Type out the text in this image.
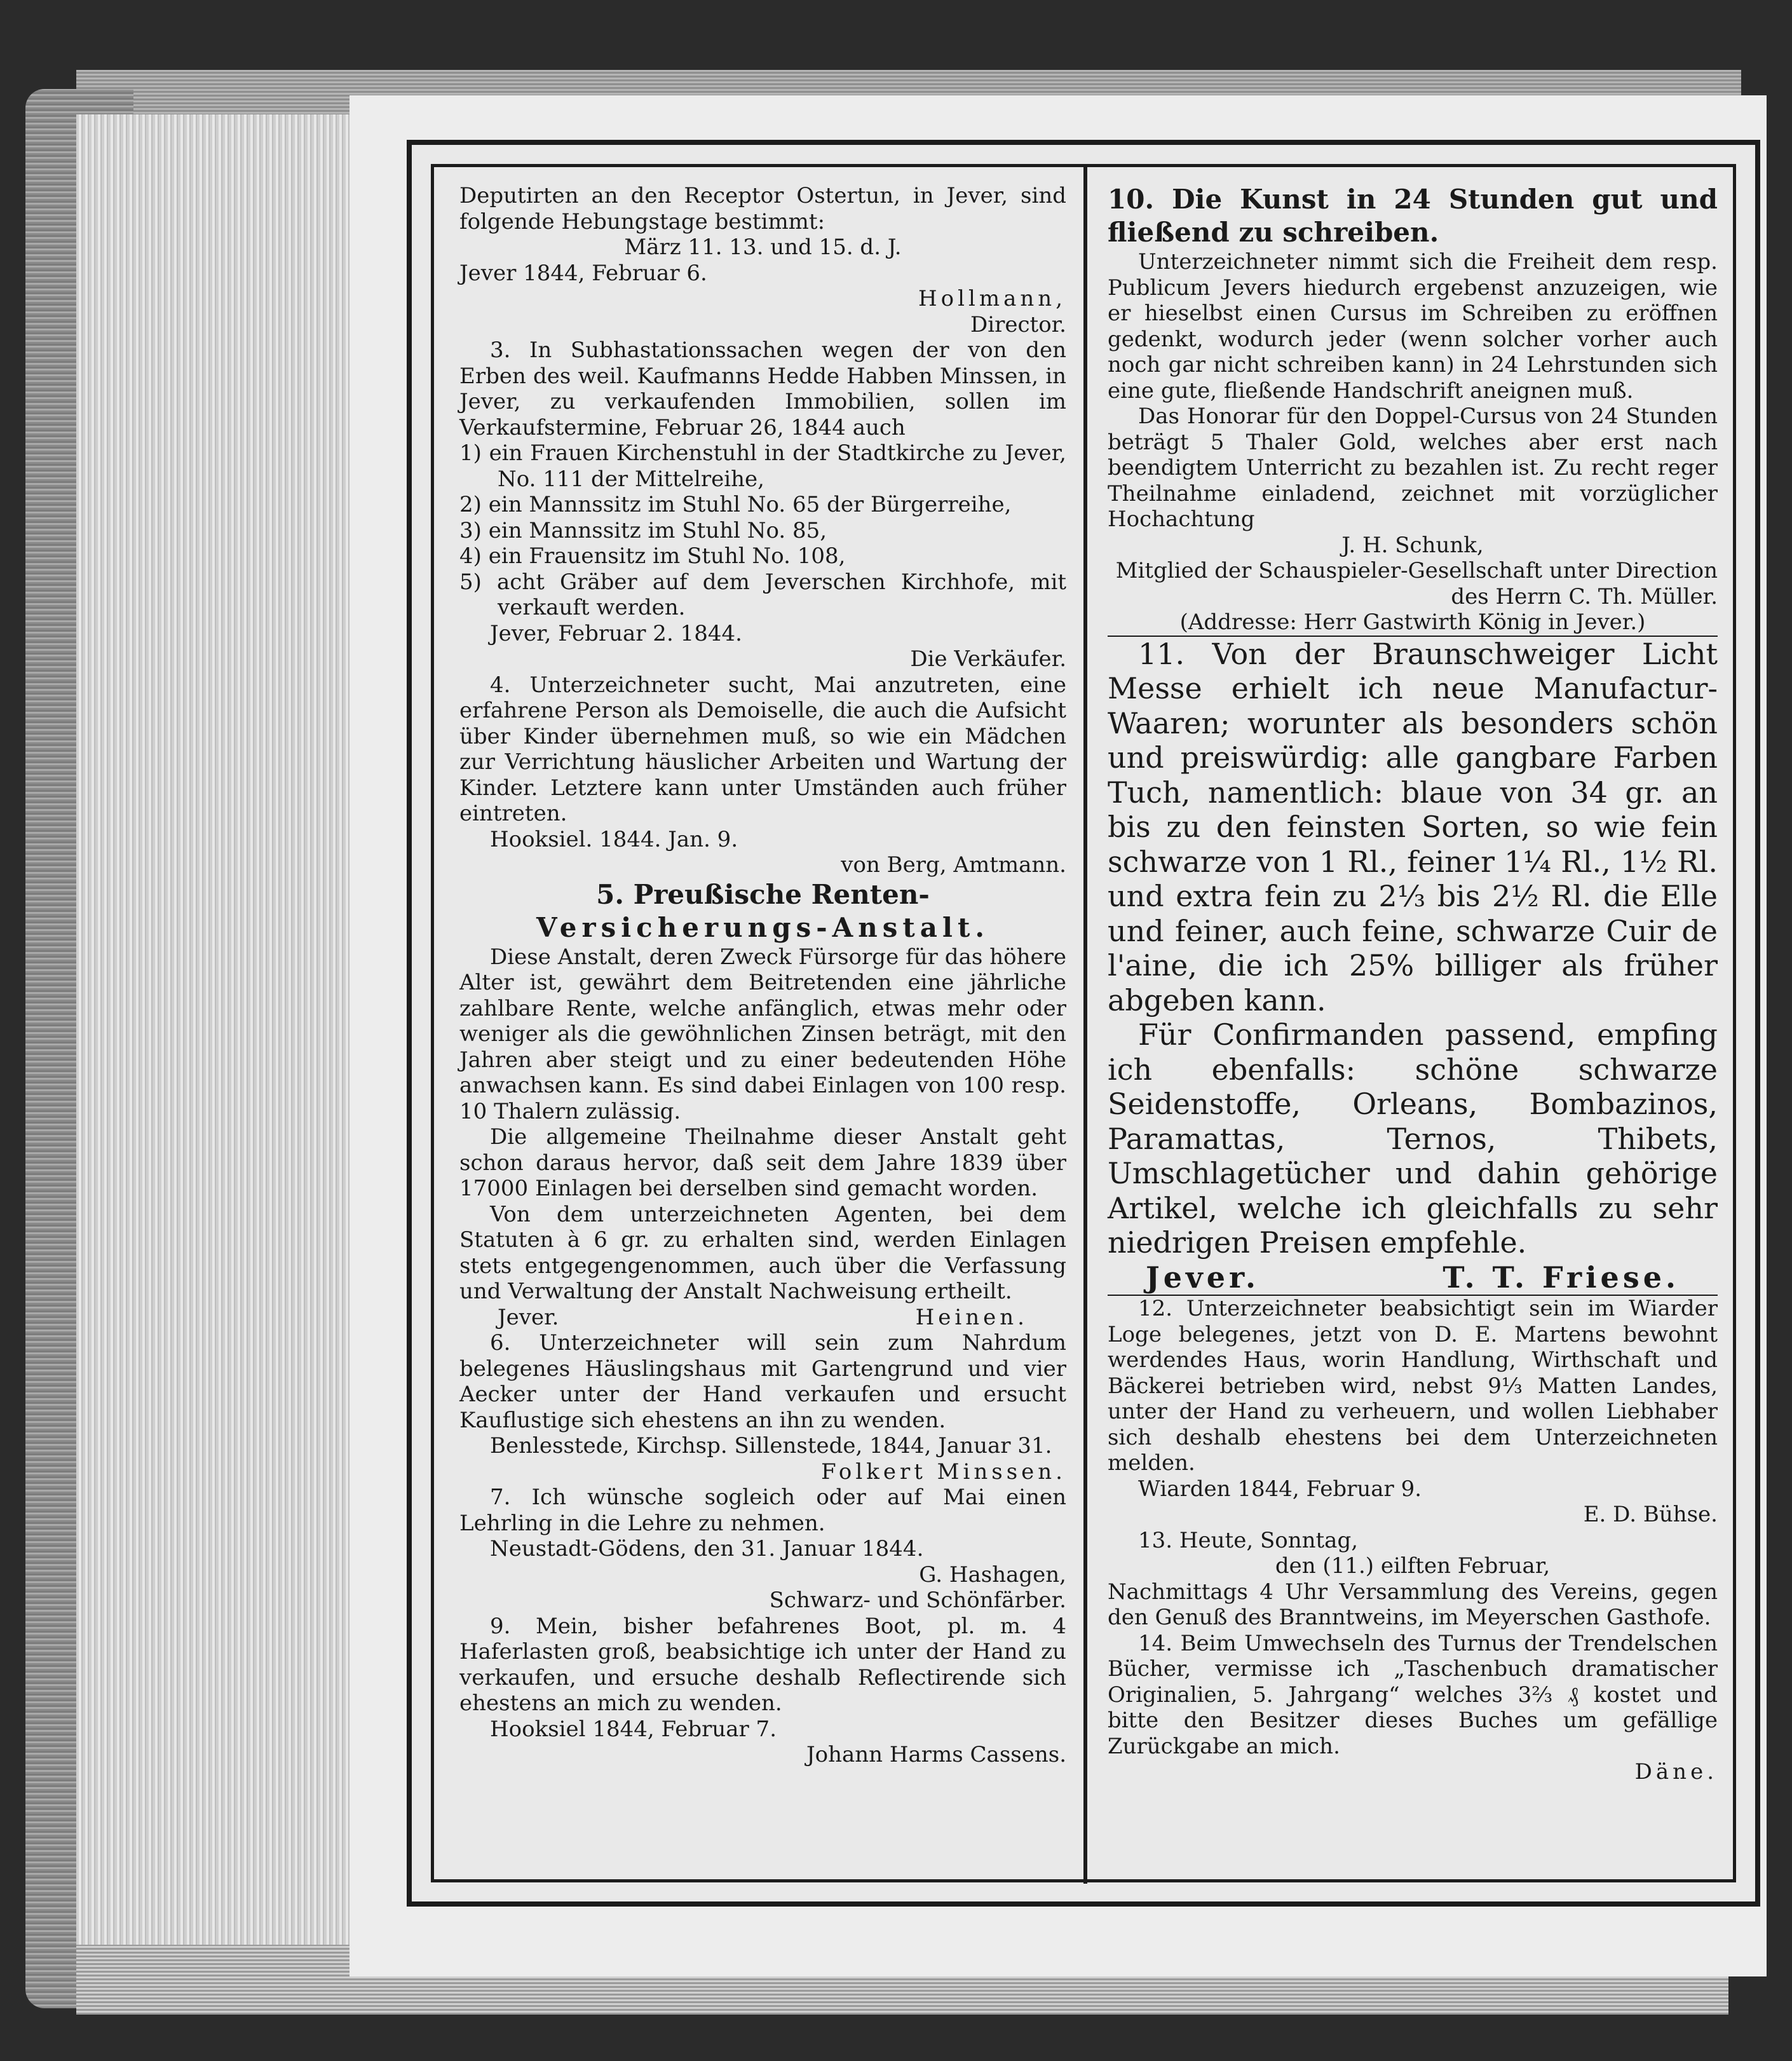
Deputirten an den Receptor Ostertun, in Jever, sind folgende Hebungstage bestimmt:

März 11. 13. und 15. d. J.

Jever 1844, Februar 6.

Hollmann,

Director.

3. In Subhastationssachen wegen der von den Erben des weil. Kaufmanns Hedde Habben Minssen, in Jever, zu verkaufenden Immobilien, sollen im Verkaufstermine, Februar 26, 1844 auch

1) ein Frauen Kirchenstuhl in der Stadtkirche zu Jever, No. 111 der Mittelreihe,

2) ein Mannssitz im Stuhl No. 65 der Bürgerreihe,

3) ein Mannssitz im Stuhl No. 85,

4) ein Frauensitz im Stuhl No. 108,

5) acht Gräber auf dem Jeverschen Kirchhofe, mit verkauft werden.

Jever, Februar 2. 1844.

Die Verkäufer.

4. Unterzeichneter sucht, Mai anzutreten, eine erfahrene Person als Demoiselle, die auch die Aufsicht über Kinder übernehmen muß, so wie ein Mädchen zur Verrichtung häuslicher Arbeiten und Wartung der Kinder. Letztere kann unter Umständen auch früher eintreten.

Hooksiel. 1844. Jan. 9.

von Berg, Amtmann.

5. Preußische Renten-

Versicherungs-Anstalt.

Diese Anstalt, deren Zweck Fürsorge für das höhere Alter ist, gewährt dem Beitretenden eine jährliche zahlbare Rente, welche anfänglich, etwas mehr oder weniger als die gewöhnlichen Zinsen beträgt, mit den Jahren aber steigt und zu einer bedeutenden Höhe anwachsen kann. Es sind dabei Einlagen von 100 resp. 10 Thalern zulässig.

Die allgemeine Theilnahme dieser Anstalt geht schon daraus hervor, daß seit dem Jahre 1839 über 17000 Einlagen bei derselben sind gemacht worden.

Von dem unterzeichneten Agenten, bei dem Statuten à 6 gr. zu erhalten sind, werden Einlagen stets entgegengenommen, auch über die Verfassung und Verwaltung der Anstalt Nachweisung ertheilt.

Jever.	Heinen.

6. Unterzeichneter will sein zum Nahrdum belegenes Häuslingshaus mit Gartengrund und vier Aecker unter der Hand verkaufen und ersucht Kauflustige sich ehestens an ihn zu wenden.

Benlesstede, Kirchsp. Sillenstede, 1844, Januar 31.

Folkert Minssen.

7. Ich wünsche sogleich oder auf Mai einen Lehrling in die Lehre zu nehmen.

Neustadt-Gödens, den 31. Januar 1844.

G. Hashagen,

Schwarz- und Schönfärber.

9. Mein, bisher befahrenes Boot, pl. m. 4 Haferlasten groß, beabsichtige ich unter der Hand zu verkaufen, und ersuche deshalb Reflectirende sich ehestens an mich zu wenden.

Hooksiel 1844, Februar 7.

Johann Harms Cassens.

10. Die Kunst in 24 Stunden gut und fließend zu schreiben.

Unterzeichneter nimmt sich die Freiheit dem resp. Publicum Jevers hiedurch ergebenst anzuzeigen, wie er hieselbst einen Cursus im Schreiben zu eröffnen gedenkt, wodurch jeder (wenn solcher vorher auch noch gar nicht schreiben kann) in 24 Lehrstunden sich eine gute, fließende Handschrift aneignen muß.

Das Honorar für den Doppel-Cursus von 24 Stunden beträgt 5 Thaler Gold, welches aber erst nach beendigtem Unterricht zu bezahlen ist. Zu recht reger Theilnahme einladend, zeichnet mit vorzüglicher Hochachtung

J. H. Schunk,

Mitglied der Schauspieler-Gesellschaft unter Direction des Herrn C. Th. Müller.

(Addresse: Herr Gastwirth König in Jever.)

11. Von der Braunschweiger Licht Messe erhielt ich neue Manufactur-Waaren; worunter als besonders schön und preiswürdig: alle gangbare Farben Tuch, namentlich: blaue von 34 gr. an bis zu den feinsten Sorten, so wie fein schwarze von 1 Rl., feiner 1¼ Rl., 1½ Rl. und extra fein zu 2⅓ bis 2½ Rl. die Elle und feiner, auch feine, schwarze Cuir de l'aine, die ich 25% billiger als früher abgeben kann.

Für Confirmanden passend, empfing ich ebenfalls: schöne schwarze Seidenstoffe, Orleans, Bombazinos, Paramattas, Ternos, Thibets, Umschlagetücher und dahin gehörige Artikel, welche ich gleichfalls zu sehr niedrigen Preisen empfehle.

Jever.	T. T. Friese.

12. Unterzeichneter beabsichtigt sein im Wiarder Loge belegenes, jetzt von D. E. Martens bewohnt werdendes Haus, worin Handlung, Wirthschaft und Bäckerei betrieben wird, nebst 9⅓ Matten Landes, unter der Hand zu verheuern, und wollen Liebhaber sich deshalb ehestens bei dem Unterzeichneten melden.

Wiarden 1844, Februar 9.

E. D. Bühse.

13. Heute, Sonntag,

den (11.) eilften Februar,

Nachmittags 4 Uhr Versammlung des Vereins, gegen den Genuß des Branntweins, im Meyerschen Gasthofe.

14. Beim Umwechseln des Turnus der Trendelschen Bücher, vermisse ich „Taschenbuch dramatischer Originalien, 5. Jahrgang“ welches 3⅔ ₰ kostet und bitte den Besitzer dieses Buches um gefällige Zurückgabe an mich.

Däne.
